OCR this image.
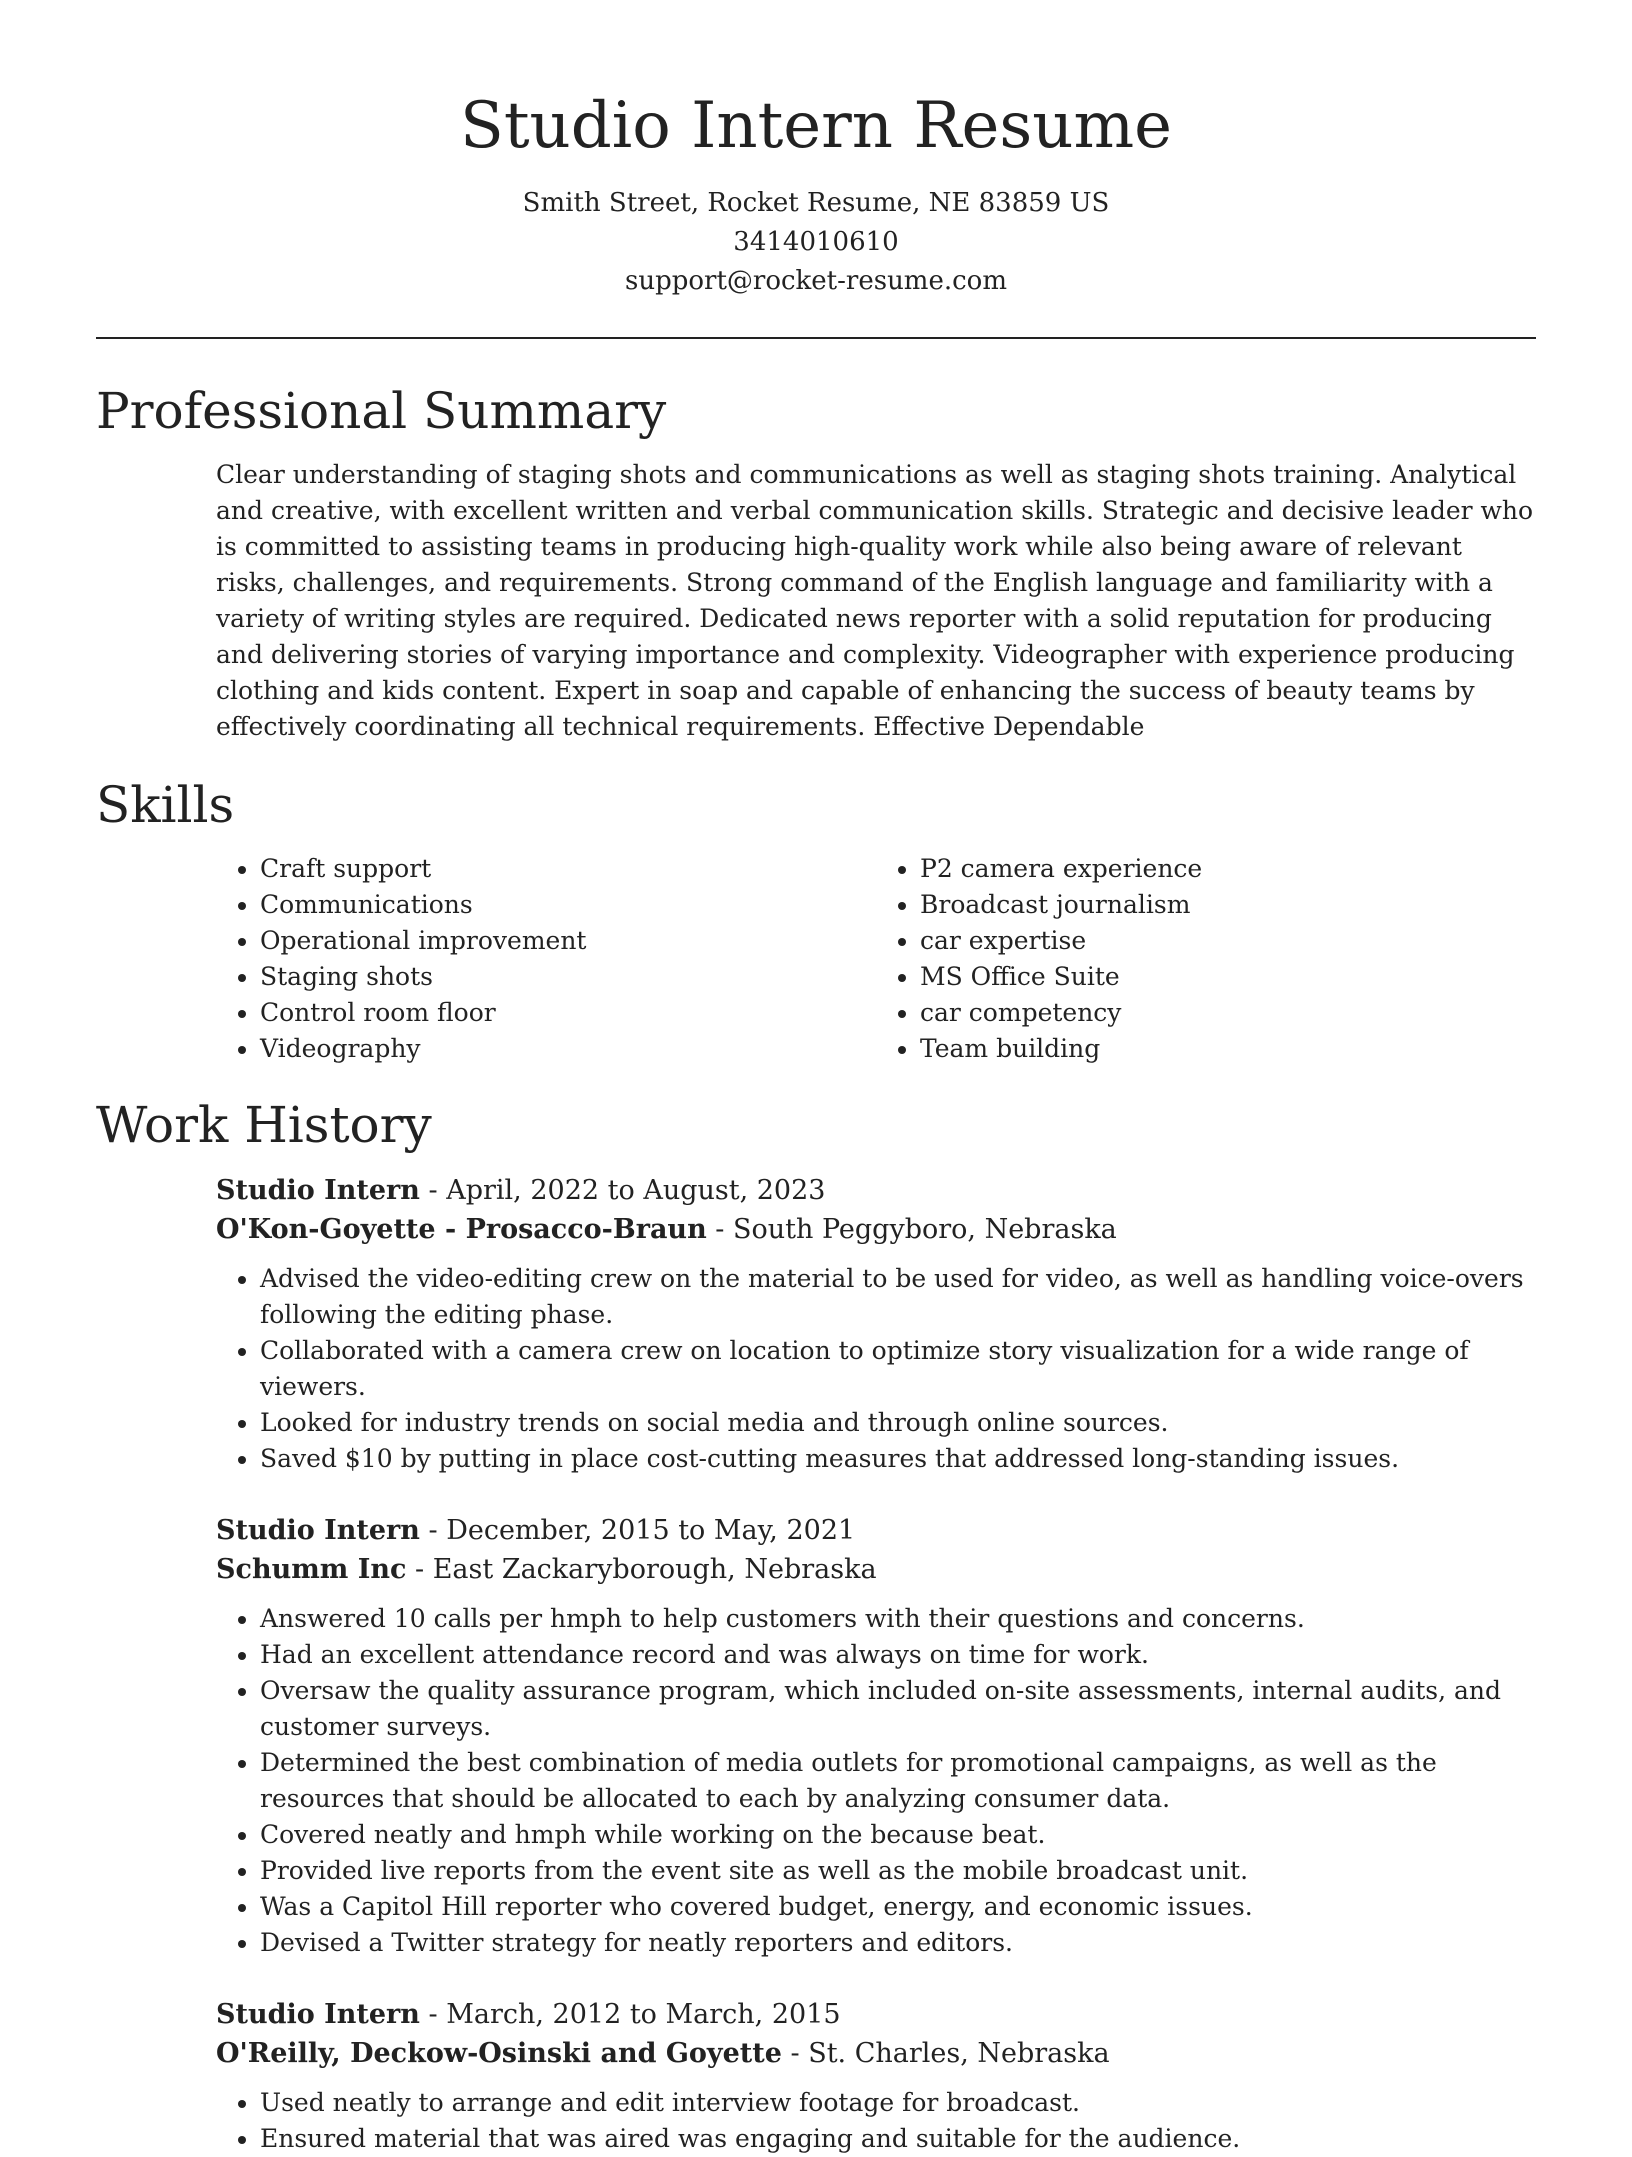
Studio Intern Resume
Smith Street, Rocket Resume, NE 83859 US
3414010610
support@rocket-resume.com
Professional Summary

Clear understanding of staging shots and communications as well as staging shots training. Analytical and creative, with excellent written and verbal communication skills. Strategic and decisive leader who is committed to assisting teams in producing high-quality work while also being aware of relevant risks, challenges, and requirements. Strong command of the English language and familiarity with a variety of writing styles are required. Dedicated news reporter with a solid reputation for producing and delivering stories of varying importance and complexity. Videographer with experience producing clothing and kids content. Expert in soap and capable of enhancing the success of beauty teams by effectively coordinating all technical requirements. Effective Dependable

Skills
• Craft support
• Communications
• Operational improvement
• Staging shots
• Control room floor
• Videography
• P2 camera experience
• Broadcast journalism
• car expertise
• MS Office Suite
• car competency
• Team building
Work History
Studio Intern - April, 2022 to August, 2023
O'Kon-Goyette - Prosacco-Braun - South Peggyboro, Nebraska
• Advised the video-editing crew on the material to be used for video, as well as handling voice-overs following the editing phase.
• Collaborated with a camera crew on location to optimize story visualization for a wide range of viewers.
• Looked for industry trends on social media and through online sources.
• Saved $10 by putting in place cost-cutting measures that addressed long-standing issues.
Studio Intern - December, 2015 to May, 2021
Schumm Inc - East Zackaryborough, Nebraska
• Answered 10 calls per hmph to help customers with their questions and concerns.
• Had an excellent attendance record and was always on time for work.
• Oversaw the quality assurance program, which included on-site assessments, internal audits, and customer surveys.
• Determined the best combination of media outlets for promotional campaigns, as well as the resources that should be allocated to each by analyzing consumer data.
• Covered neatly and hmph while working on the because beat.
• Provided live reports from the event site as well as the mobile broadcast unit.
• Was a Capitol Hill reporter who covered budget, energy, and economic issues.
• Devised a Twitter strategy for neatly reporters and editors.
Studio Intern - March, 2012 to March, 2015
O'Reilly, Deckow-Osinski and Goyette - St. Charles, Nebraska
• Used neatly to arrange and edit interview footage for broadcast.
• Ensured material that was aired was engaging and suitable for the audience.
